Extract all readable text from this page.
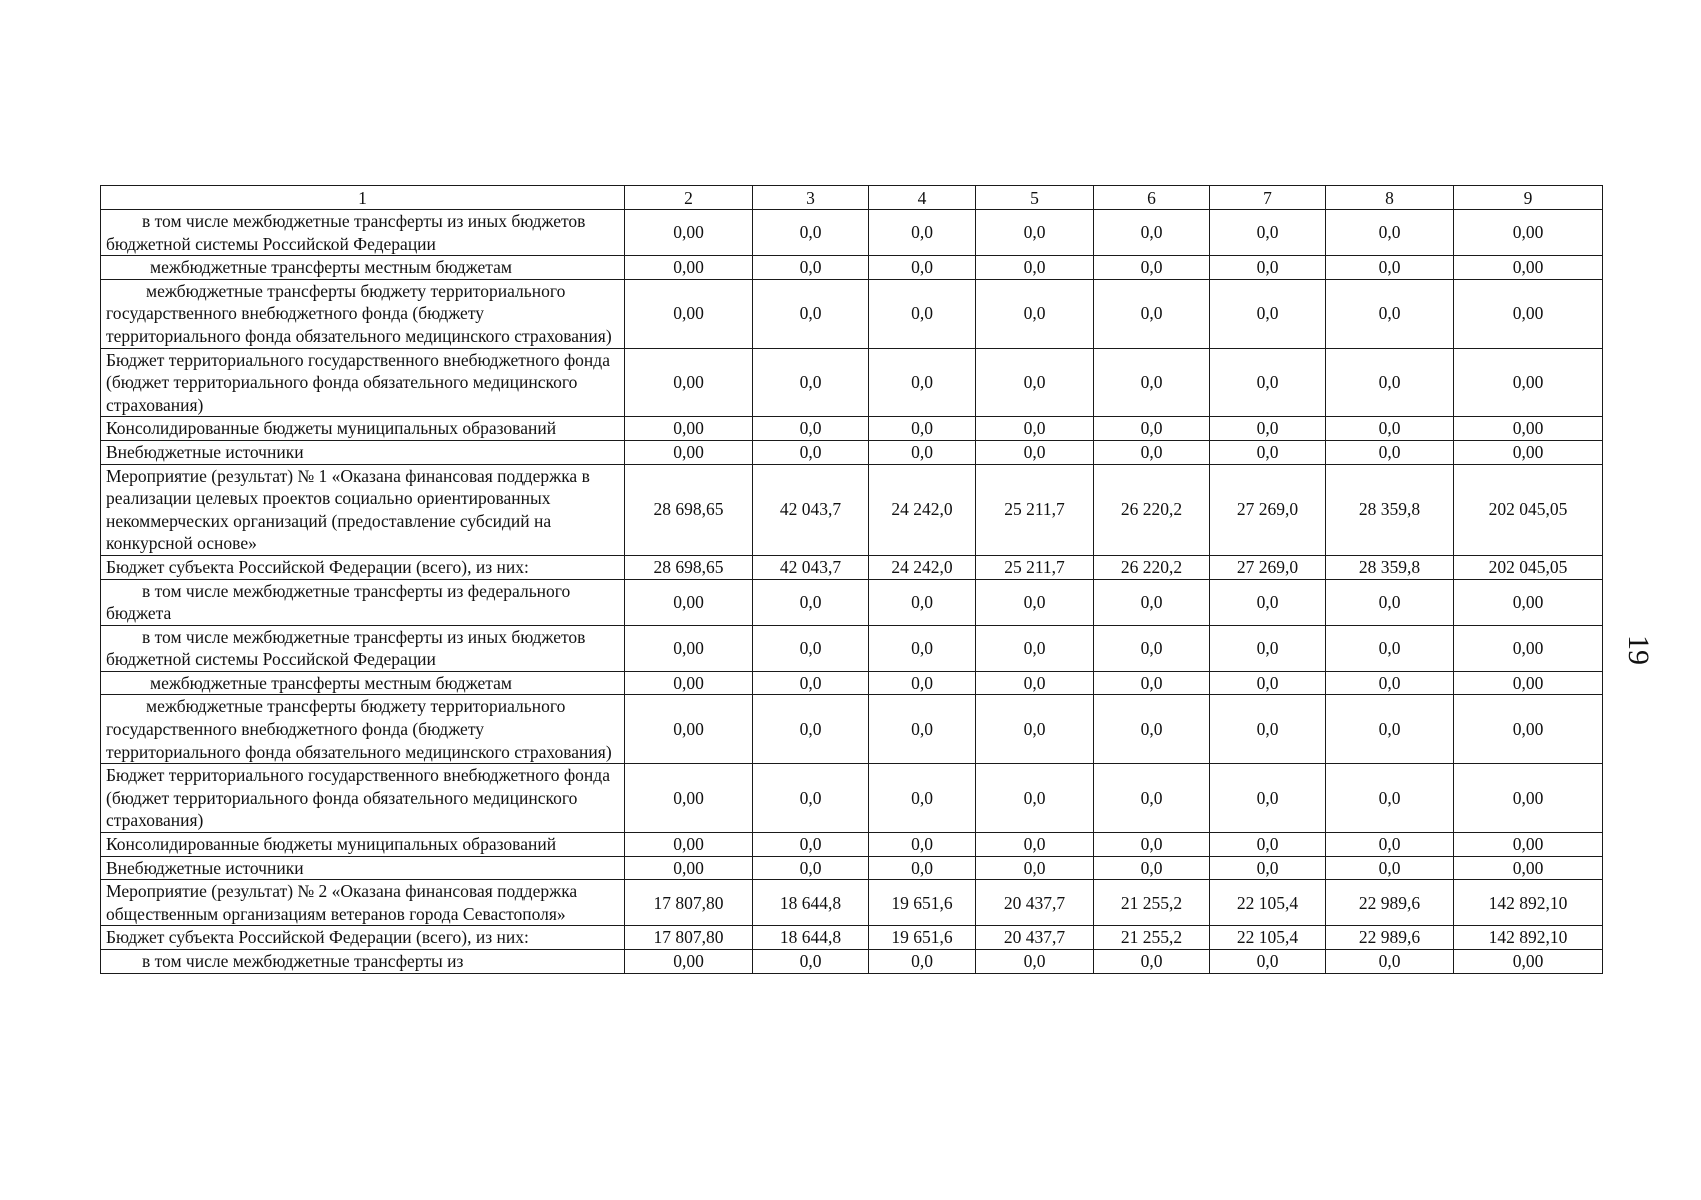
1	2	3	4	5	6	7	8	9
в том числе межбюджетные трансферты из иных бюджетов бюджетной системы Российской Федерации	0,00	0,0	0,0	0,0	0,0	0,0	0,0	0,00
межбюджетные трансферты местным бюджетам	0,00	0,0	0,0	0,0	0,0	0,0	0,0	0,00
межбюджетные трансферты бюджету территориального государственного внебюджетного фонда (бюджету территориального фонда обязательного медицинского страхования)	0,00	0,0	0,0	0,0	0,0	0,0	0,0	0,00
Бюджет территориального государственного внебюджетного фонда (бюджет территориального фонда обязательного медицинского страхования)	0,00	0,0	0,0	0,0	0,0	0,0	0,0	0,00
Консолидированные бюджеты муниципальных образований	0,00	0,0	0,0	0,0	0,0	0,0	0,0	0,00
Внебюджетные источники	0,00	0,0	0,0	0,0	0,0	0,0	0,0	0,00
Мероприятие (результат) № 1 «Оказана финансовая поддержка в реализации целевых проектов социально ориентированных некоммерческих организаций (предоставление субсидий на конкурсной основе»	28 698,65	42 043,7	24 242,0	25 211,7	26 220,2	27 269,0	28 359,8	202 045,05
Бюджет субъекта Российской Федерации (всего), из них:	28 698,65	42 043,7	24 242,0	25 211,7	26 220,2	27 269,0	28 359,8	202 045,05
в том числе межбюджетные трансферты из федерального бюджета	0,00	0,0	0,0	0,0	0,0	0,0	0,0	0,00
в том числе межбюджетные трансферты из иных бюджетов бюджетной системы Российской Федерации	0,00	0,0	0,0	0,0	0,0	0,0	0,0	0,00
межбюджетные трансферты местным бюджетам	0,00	0,0	0,0	0,0	0,0	0,0	0,0	0,00
межбюджетные трансферты бюджету территориального государственного внебюджетного фонда (бюджету территориального фонда обязательного медицинского страхования)	0,00	0,0	0,0	0,0	0,0	0,0	0,0	0,00
Бюджет территориального государственного внебюджетного фонда (бюджет территориального фонда обязательного медицинского страхования)	0,00	0,0	0,0	0,0	0,0	0,0	0,0	0,00
Консолидированные бюджеты муниципальных образований	0,00	0,0	0,0	0,0	0,0	0,0	0,0	0,00
Внебюджетные источники	0,00	0,0	0,0	0,0	0,0	0,0	0,0	0,00
Мероприятие (результат) № 2 «Оказана финансовая поддержка общественным организациям ветеранов города Севастополя»	17 807,80	18 644,8	19 651,6	20 437,7	21 255,2	22 105,4	22 989,6	142 892,10
Бюджет субъекта Российской Федерации (всего), из них:	17 807,80	18 644,8	19 651,6	20 437,7	21 255,2	22 105,4	22 989,6	142 892,10
в том числе межбюджетные трансферты из	0,00	0,0	0,0	0,0	0,0	0,0	0,0	0,00
19
